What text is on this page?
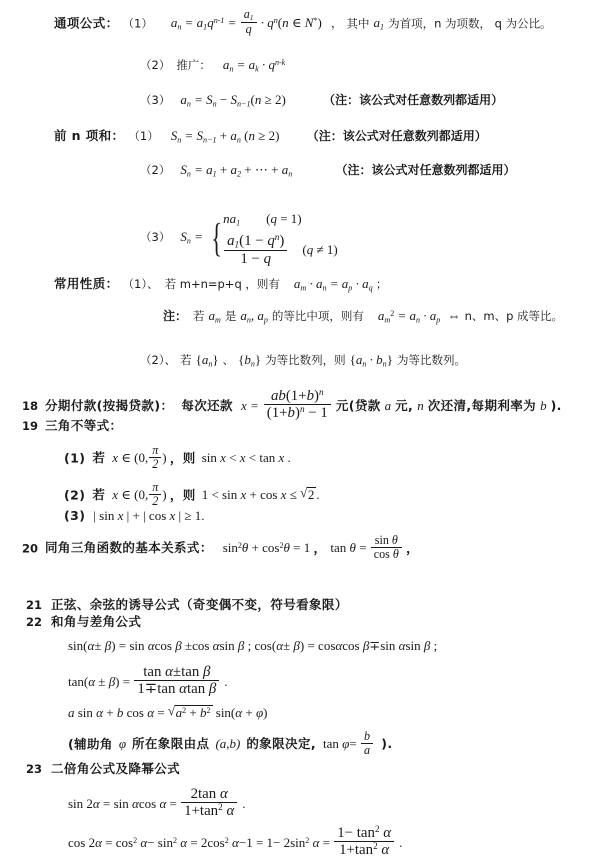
通项公式： （1） $a_n = a_1q^{n-1} = \frac{a_1}{q} \cdot q^n(n$ ∈ N*) ， 其中 $a_1$ 为首项，n 为项数， q 为公比。
（2） 推广： $a_n = a_k \cdot q^{n-k}$
（3） $a_n = S_n - S_{n-1}(n \ge 2)$	（注：该公式对任意数列都适用）
前 n 项和： （1） $S_n = S_{n-1} + a_n$ (n ≥ 2) （注：该公式对任意数列都适用）
（2） $S_n = a_1 + a_2$ + ⋯ + $a_n$	（注：该公式对任意数列都适用）
（3） $S_n$ = { $na_1$ (q = 1)
$\frac{a_1(1 - q^n)}{1 - q} (q \ne 1)$
常用性质： （1）、 若 m+n=p+q ，则有 $a_m \cdot a_n = a_p \cdot a_q$ ；
注： 若 $a_m$ 是 $a_n$, $a_p$ 的等比中项，则有 $a_m^2 = a_n \cdot a_p$ ⇔ n、m、p 成等比。
（2）、 若 $\{a_n\}$ 、 $\{b_n\}$ 为等比数列，则 $\{a_n \cdot b_n\}$ 为等比数列。
18 分期付款(按揭贷款)： 每次还款 $x = \frac{ab(1+b)^n}{(1+b)^n - 1}$ 元(贷款 a 元, n 次还清,每期利率为 b ).
19 三角不等式：
(1) 若 x ∈ (0, $\frac{\pi}{2}$ ) ，则 sin x < x < tan x .
(2) 若 x ∈ (0, $\frac{\pi}{2}$ ) ，则 1 < sin x + cos x ≤ √ 2 .
(3) | sin x | + | cos x | ≥ 1.
20 同角三角函数的基本关系式： $\sin^2\theta + \cos^2\theta = 1$ ， $\tan \theta = \frac{\text{sin θ}}{\text{cos θ}}$ ，
21 正弦、余弦的诱导公式（奇变偶不变，符号看象限）
22 和角与差角公式
sin(α± β) = sin αcos β ±cos αsin β ; cos(α± β) = cosαcos β∓sin αsin β ;
$\tan(\alpha \pm \beta) = \frac{\text{tan α±tan β}}{\text{1∓tan αtan β}}$ .
a sin α + b cos α = √ $a^2 + b^2$ sin(α + φ)
(辅助角 φ 所在象限由点 (a,b) 的象限决定, $\tan \varphi= \frac{b}{a}$ ).
23 二倍角公式及降幂公式
sin 2α = sin αcos $\alpha = \frac{\text{2tan α}}{1+\tan^2 \alpha}$ .
$\cos 2\alpha = \cos^2 \alpha- \sin^2 \alpha = 2\cos^2$ $\alpha-1 = 1- 2\sin^2$ $\alpha = \frac{1- \tan^2 \alpha}{1+\tan^2 \alpha}$ .
